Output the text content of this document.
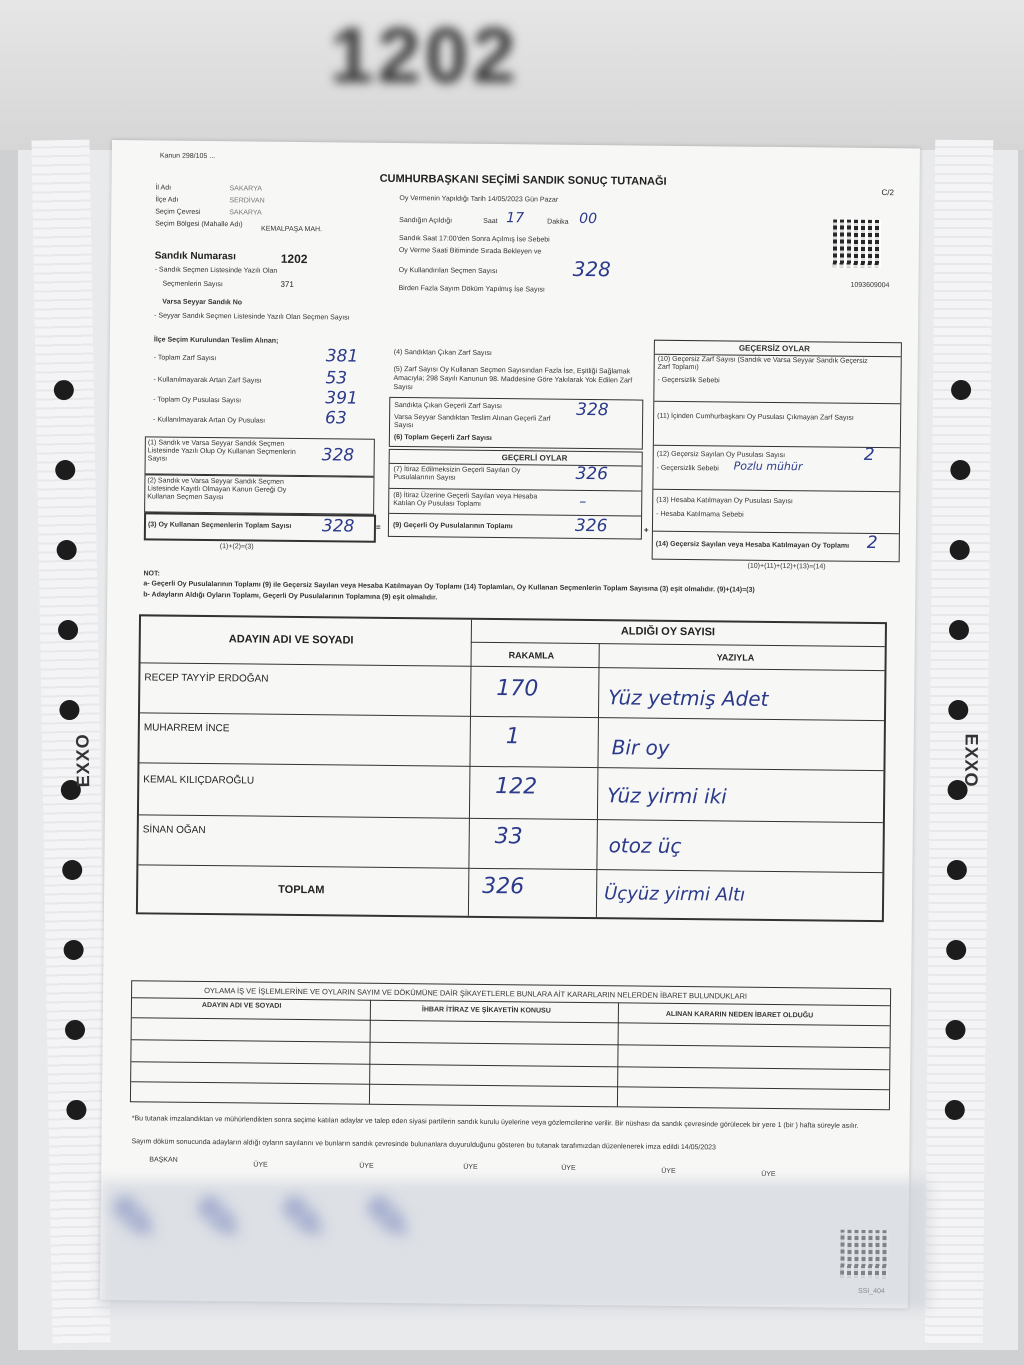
1202
EXXO	EXXO
Kanun 298/105 ...
CUMHURBAŞKANI SEÇİMİ SANDIK SONUÇ TUTANAĞI
C/2
İl Adı	SAKARYA
İlçe Adı	SERDİVAN
Seçim Çevresi	SAKARYA
Seçim Bölgesi (Mahalle Adı)
KEMALPAŞA MAH.
Oy Vermenin Yapıldığı Tarih 14/05/2023 Gün Pazar
Sandığın Açıldığı	Saat 17	Dakika 00
Sandık Saat 17:00'den Sonra Açılmış İse Sebebi
Oy Verme Saati Bitiminde Sırada Bekleyen ve
Oy Kullandırılan Seçmen Sayısı	328
Birden Fazla Sayım Döküm Yapılmış İse Sayısı	1093609004
Sandık Numarası	1202
- Sandık Seçmen Listesinde Yazılı Olan
Seçmenlerin Sayısı	371
Varsa Seyyar Sandık No
- Seyyar Sandık Seçmen Listesinde Yazılı Olan Seçmen Sayısı
İlçe Seçim Kurulundan Teslim Alınan;
- Toplam Zarf Sayısı	381
- Kullanılmayarak Artan Zarf Sayısı	53
- Toplam Oy Pusulası Sayısı	391
- Kullanılmayarak Artan Oy Pusulası	63
(1) Sandık ve Varsa Seyyar Sandık Seçmen Listesinde Yazılı Olup Oy Kullanan Seçmenlerin Sayısı	328
(2) Sandık ve Varsa Seyyar Sandık Seçmen Listesinde Kayıtlı Olmayan Kanun Gereği Oy Kullanan Seçmen Sayısı
(3) Oy Kullanan Seçmenlerin Toplam Sayısı 328
(1)+(2)=(3)
=
(4) Sandıktan Çıkan Zarf Sayısı
(5) Zarf Sayısı Oy Kullanan Seçmen Sayısından Fazla İse, Eşitliği Sağlamak Amacıyla; 298 Sayılı Kanunun 98. Maddesine Göre Yakılarak Yok Edilen Zarf Sayısı
Sandıkta Çıkan Geçerli Zarf Sayısı
Varsa Seyyar Sandıktan Teslim Alınan Geçerli Zarf Sayısı
(6) Toplam Geçerli Zarf Sayısı
328
GEÇERLİ OYLAR
(7) İtiraz Edilmeksizin Geçerli Sayılan Oy Pusulalarının Sayısı	326
(8) İtiraz Üzerine Geçerli Sayılan veya Hesaba Katılan Oy Pusulası Toplamı	–
(9) Geçerli Oy Pusulalarının Toplamı	326	+
GEÇERSİZ OYLAR
(10) Geçersiz Zarf Sayısı (Sandık ve Varsa Seyyar Sandık Geçersiz Zarf Toplamı)
- Geçersizlik Sebebi
(11) İçinden Cumhurbaşkanı Oy Pusulası Çıkmayan Zarf Sayısı
(12) Geçersiz Sayılan Oy Pusulası Sayısı	2
- Geçersizlik Sebebi Pozlu mühür
(13) Hesaba Katılmayan Oy Pusulası Sayısı
- Hesaba Katılmama Sebebi
(14) Geçersiz Sayılan veya Hesaba Katılmayan Oy Toplamı 2
(10)+(11)+(12)+(13)=(14)
NOT:
a- Geçerli Oy Pusulalarının Toplamı (9) ile Geçersiz Sayılan veya Hesaba Katılmayan Oy Toplamı (14) Toplamları, Oy Kullanan Seçmenlerin Toplam Sayısına (3) eşit olmalıdır. (9)+(14)=(3)
b- Adayların Aldığı Oyların Toplamı, Geçerli Oy Pusulalarının Toplamına (9) eşit olmalıdır.
ADAYIN ADI VE SOYADI
ALDIĞI OY SAYISI
RAKAMLA	YAZIYLA
RECEP TAYYİP ERDOĞAN	170	Yüz yetmiş Adet
MUHARREM İNCE	1	Bir oy
KEMAL KILIÇDAROĞLU	122	Yüz yirmi iki
SİNAN OĞAN	33	otoz üç
TOPLAM	326	Üçyüz yirmi Altı
OYLAMA İŞ VE İŞLEMLERİNE VE OYLARIN SAYIM VE DÖKÜMÜNE DAİR ŞİKAYETLERLE BUNLARA AİT KARARLARIN NELERDEN İBARET BULUNDUKLARI
ADAYIN ADI VE SOYADI
İHBAR İTİRAZ VE ŞİKAYETİN KONUSU
ALINAN KARARIN NEDEN İBARET OLDUĞU
*Bu tutanak imzalandıktan ve mühürlendikten sonra seçime katılan adaylar ve talep eden siyasi partilerin sandık kurulu üyelerine veya gözlemcilerine verilir. Bir nüshası da sandık çevresinde görülecek bir yere 1 (bir ) hafta süreyle asılır.
Sayım döküm sonucunda adayların aldığı oyların sayılarını ve bunların sandık çevresinde bulunanlara duyurulduğunu gösteren bu tutanak tarafımızdan düzenlenerek imza edildi 14/05/2023
BAŞKAN
ÜYE	ÜYE	ÜYE	ÜYE	ÜYE	ÜYE
✎ ✎ ✎ ✎
